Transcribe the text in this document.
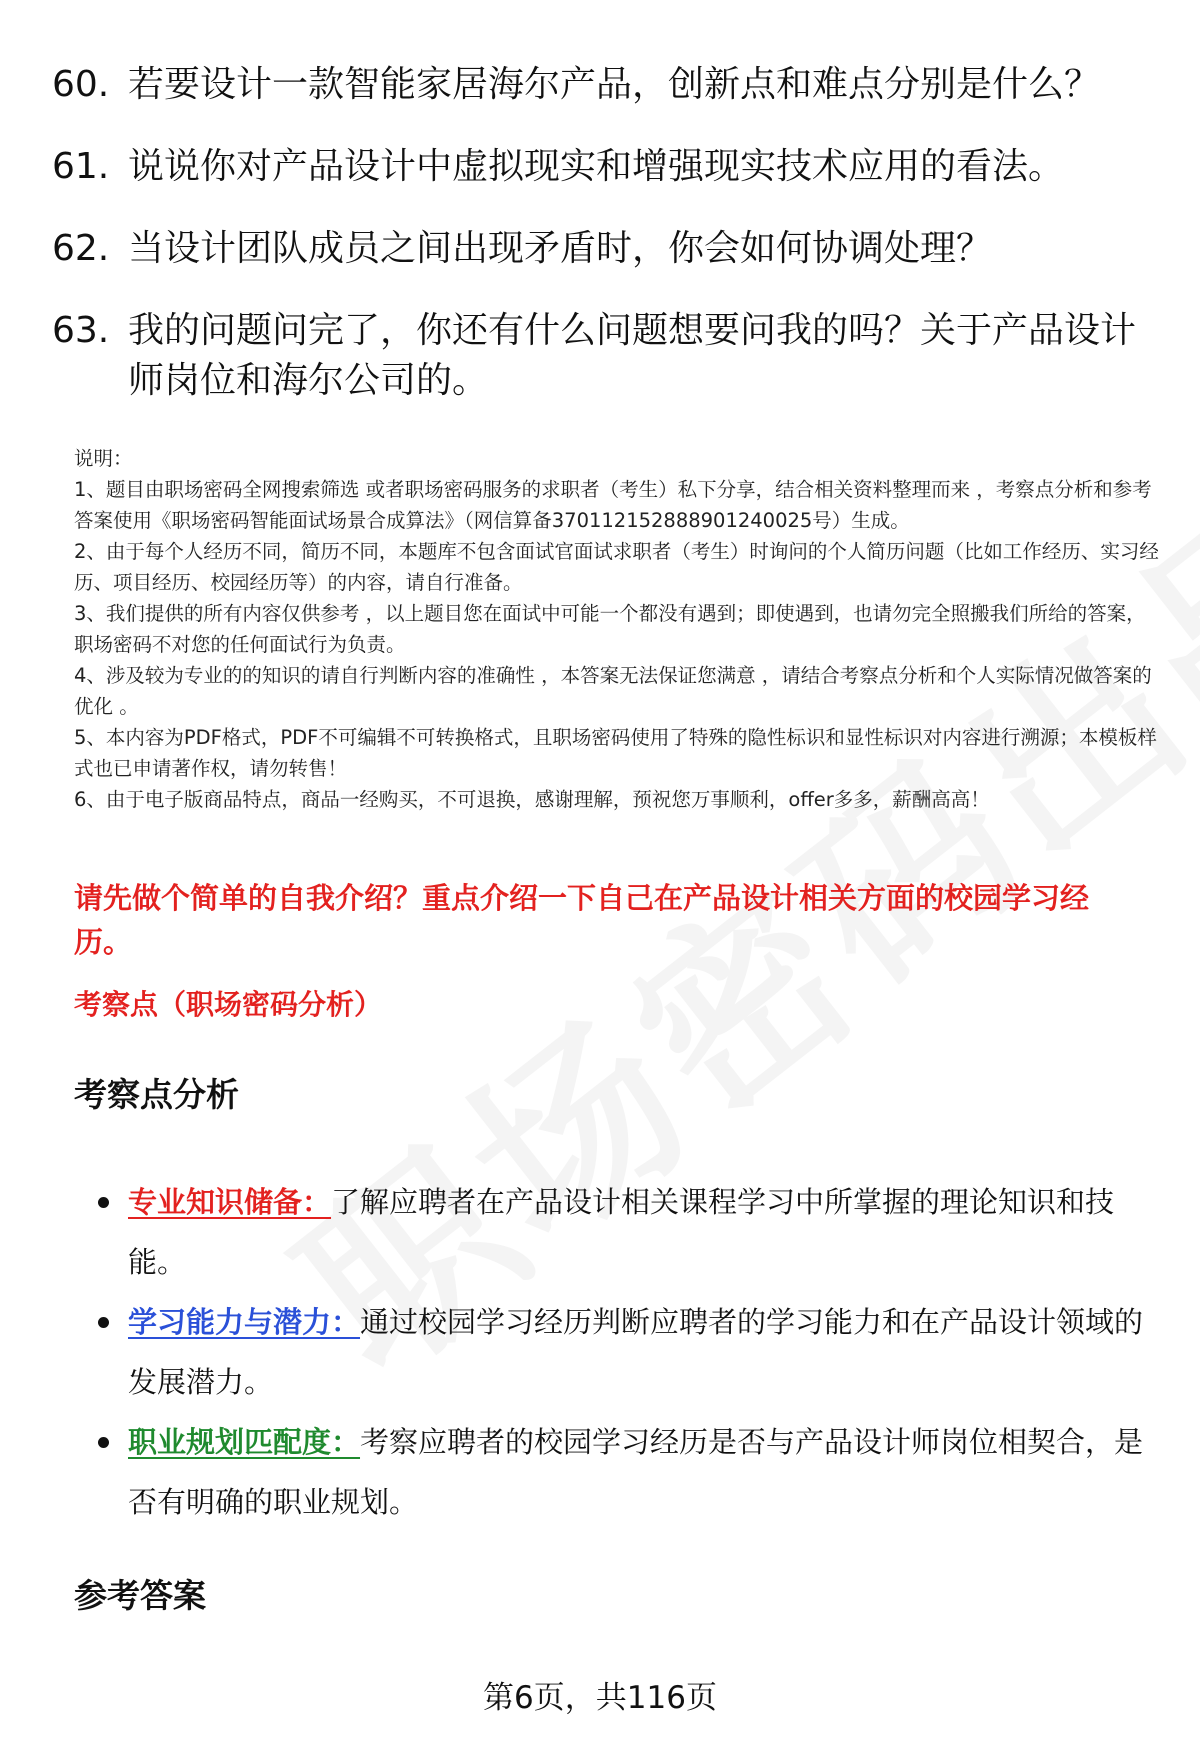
60. 若要设计一款智能家居海尔产品，创新点和难点分别是什么？
61. 说说你对产品设计中虚拟现实和增强现实技术应用的看法。
62. 当设计团队成员之间出现矛盾时，你会如何协调处理？
63. 我的问题问完了，你还有什么问题想要问我的吗？关于产品设计师岗位和海尔公司的。

说明：

1、题目由职场密码全网搜索筛选 或者职场密码服务的求职者（考生）私下分享，结合相关资料整理而来 ，考察点分析和参考答案使用《职场密码智能面试场景合成算法》（网信算备370112152888901240025号）生成。

2、由于每个人经历不同，简历不同，本题库不包含面试官面试求职者（考生）时询问的个人简历问题（比如工作经历、实习经历、项目经历、校园经历等）的内容，请自行准备。

3、我们提供的所有内容仅供参考 ，以上题目您在面试中可能一个都没有遇到；即使遇到，也请勿完全照搬我们所给的答案，职场密码不对您的任何面试行为负责。

4、涉及较为专业的的知识的请自行判断内容的准确性 ，本答案无法保证您满意 ，请结合考察点分析和个人实际情况做答案的优化 。

5、本内容为PDF格式，PDF不可编辑不可转换格式，且职场密码使用了特殊的隐性标识和显性标识对内容进行溯源；本模板样式也已申请著作权，请勿转售！

6、由于电子版商品特点，商品一经购买，不可退换，感谢理解，预祝您万事顺利，offer多多，薪酬高高！

请先做个简单的自我介绍？重点介绍一下自己在产品设计相关方面的校园学习经历。
考察点（职场密码分析）
考察点分析
专业知识储备：了解应聘者在产品设计相关课程学习中所掌握的理论知识和技能。
学习能力与潜力：通过校园学习经历判断应聘者的学习能力和在产品设计领域的发展潜力。
职业规划匹配度：考察应聘者的校园学习经历是否与产品设计师岗位相契合，是否有明确的职业规划。
参考答案
第6页，共116页
